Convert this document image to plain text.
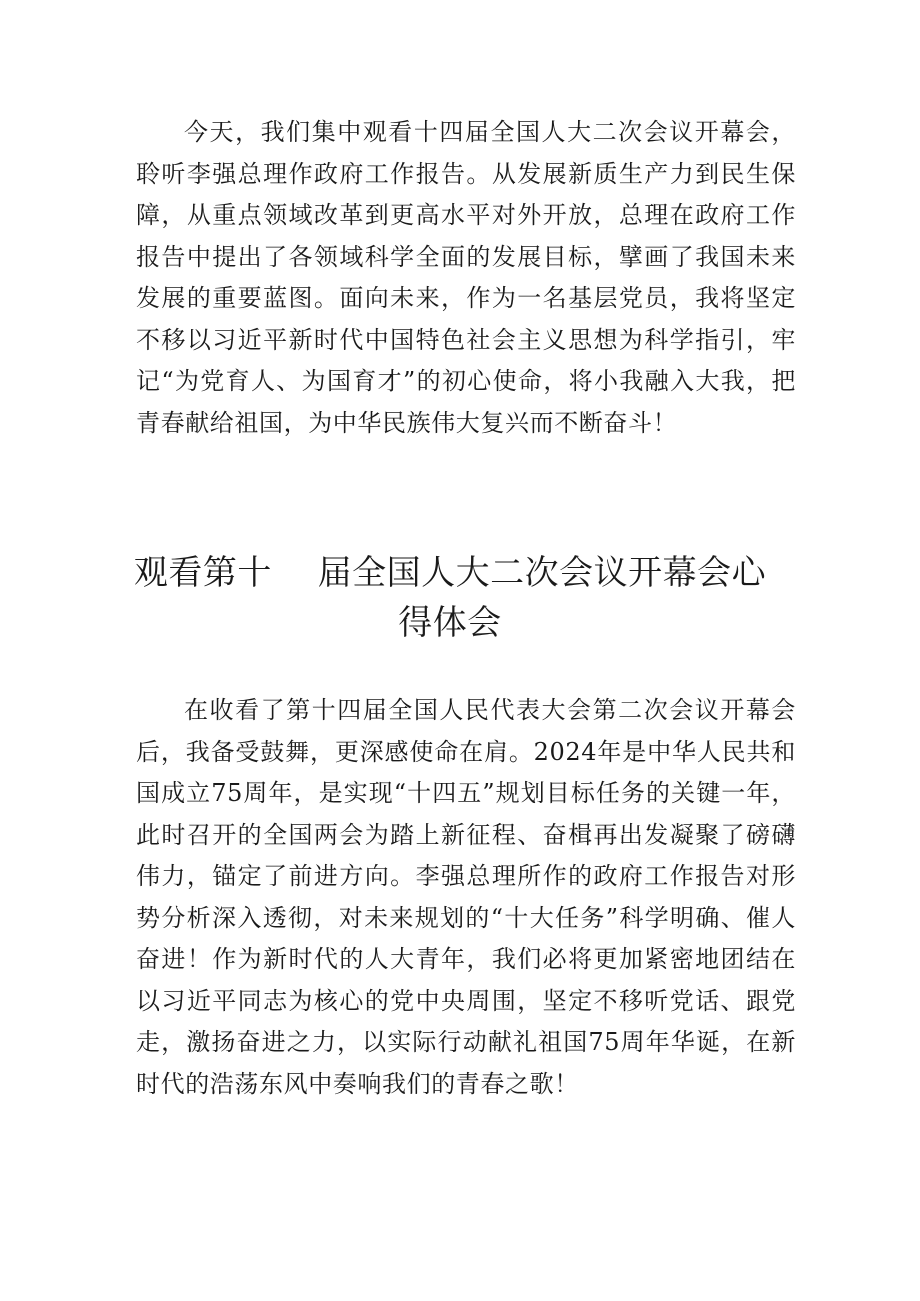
今天，我们集中观看十四届全国人大二次会议开幕会，聆听李强总理作政府工作报告。从发展新质生产力到民生保障，从重点领域改革到更高水平对外开放，总理在政府工作报告中提出了各领域科学全面的发展目标，擘画了我国未来发展的重要蓝图。面向未来，作为一名基层党员，我将坚定不移以习近平新时代中国特色社会主义思想为科学指引，牢记“为党育人、为国育才”的初心使命，将小我融入大我，把青春献给祖国，为中华民族伟大复兴而不断奋斗！

观看第十　 届全国人大二次会议开幕会心得体会

在收看了第十四届全国人民代表大会第二次会议开幕会后，我备受鼓舞，更深感使命在肩。2024年是中华人民共和国成立75周年，是实现“十四五”规划目标任务的关键一年，此时召开的全国两会为踏上新征程、奋楫再出发凝聚了磅礴伟力，锚定了前进方向。李强总理所作的政府工作报告对形势分析深入透彻，对未来规划的“十大任务”科学明确、催人奋进！作为新时代的人大青年，我们必将更加紧密地团结在以习近平同志为核心的党中央周围，坚定不移听党话、跟党走，激扬奋进之力，以实际行动献礼祖国75周年华诞，在新时代的浩荡东风中奏响我们的青春之歌！
